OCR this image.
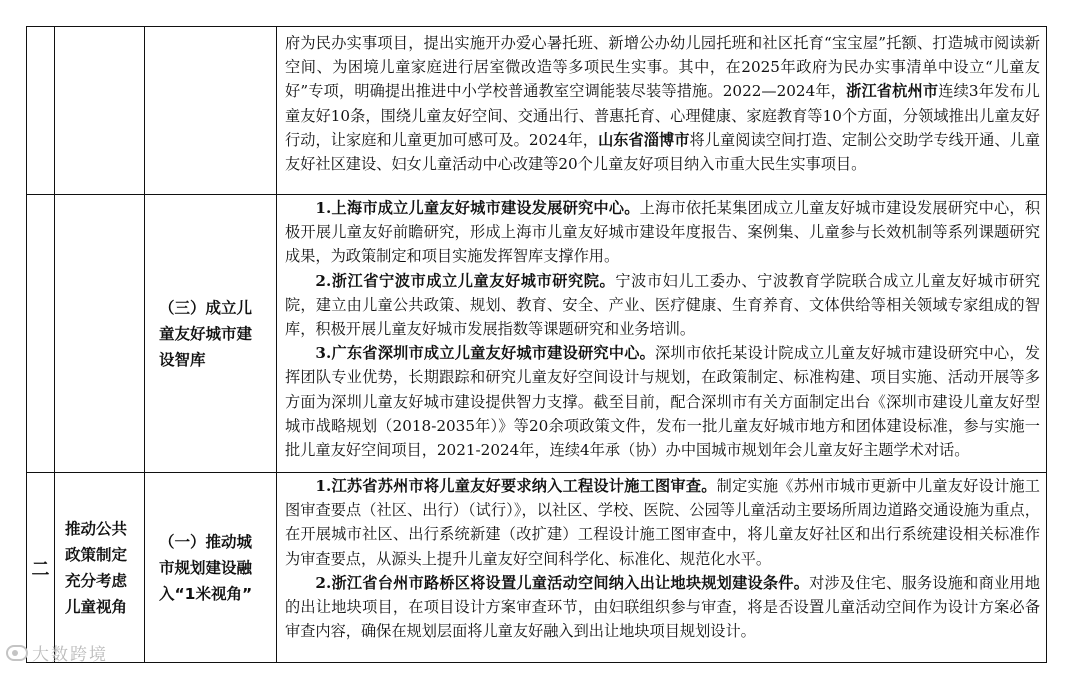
			府为民办实事项目，提出实施开办爱心暑托班、新增公办幼儿园托班和社区托育“宝宝屋”托额、打造城市阅读新空间、为困境儿童家庭进行居室微改造等多项民生实事。其中，在2025年政府为民办实事清单中设立“儿童友好”专项，明确提出推进中小学校普通教室空调能装尽装等措施。2022—2024年，浙江省杭州市连续3年发布儿童友好10条，围绕儿童友好空间、交通出行、普惠托育、心理健康、家庭教育等10个方面，分领域推出儿童友好行动，让家庭和儿童更加可感可及。2024年，山东省淄博市将儿童阅读空间打造、定制公交助学专线开通、儿童友好社区建设、妇女儿童活动中心改建等20个儿童友好项目纳入市重大民生实事项目。

		（三）成立儿童友好城市建设智库	1.上海市成立儿童友好城市建设发展研究中心。上海市依托某集团成立儿童友好城市建设发展研究中心，积极开展儿童友好前瞻研究，形成上海市儿童友好城市建设年度报告、案例集、儿童参与长效机制等系列课题研究成果，为政策制定和项目实施发挥智库支撑作用。

2.浙江省宁波市成立儿童友好城市研究院。宁波市妇儿工委办、宁波教育学院联合成立儿童友好城市研究院，建立由儿童公共政策、规划、教育、安全、产业、医疗健康、生育养育、文体供给等相关领域专家组成的智库，积极开展儿童友好城市发展指数等课题研究和业务培训。

3.广东省深圳市成立儿童友好城市建设研究中心。深圳市依托某设计院成立儿童友好城市建设研究中心，发挥团队专业优势，长期跟踪和研究儿童友好空间设计与规划，在政策制定、标准构建、项目实施、活动开展等多方面为深圳儿童友好城市建设提供智力支撑。截至目前，配合深圳市有关方面制定出台《深圳市建设儿童友好型城市战略规划（2018-2035年）》等20余项政策文件，发布一批儿童友好城市地方和团体建设标准，参与实施一批儿童友好空间项目，2021-2024年，连续4年承（协）办中国城市规划年会儿童友好主题学术对话。

二	推动公共政策制定充分考虑儿童视角	（一）推动城市规划建设融入“1米视角”	1.江苏省苏州市将儿童友好要求纳入工程设计施工图审查。制定实施《苏州市城市更新中儿童友好设计施工图审查要点（社区、出行）（试行）》，以社区、学校、医院、公园等儿童活动主要场所周边道路交通设施为重点，在开展城市社区、出行系统新建（改扩建）工程设计施工图审查中，将儿童友好社区和出行系统建设相关标准作为审查要点，从源头上提升儿童友好空间科学化、标准化、规范化水平。

2.浙江省台州市路桥区将设置儿童活动空间纳入出让地块规划建设条件。对涉及住宅、服务设施和商业用地的出让地块项目，在项目设计方案审查环节，由妇联组织参与审查，将是否设置儿童活动空间作为设计方案必备审查内容，确保在规划层面将儿童友好融入到出让地块项目规划设计。

大数跨境
